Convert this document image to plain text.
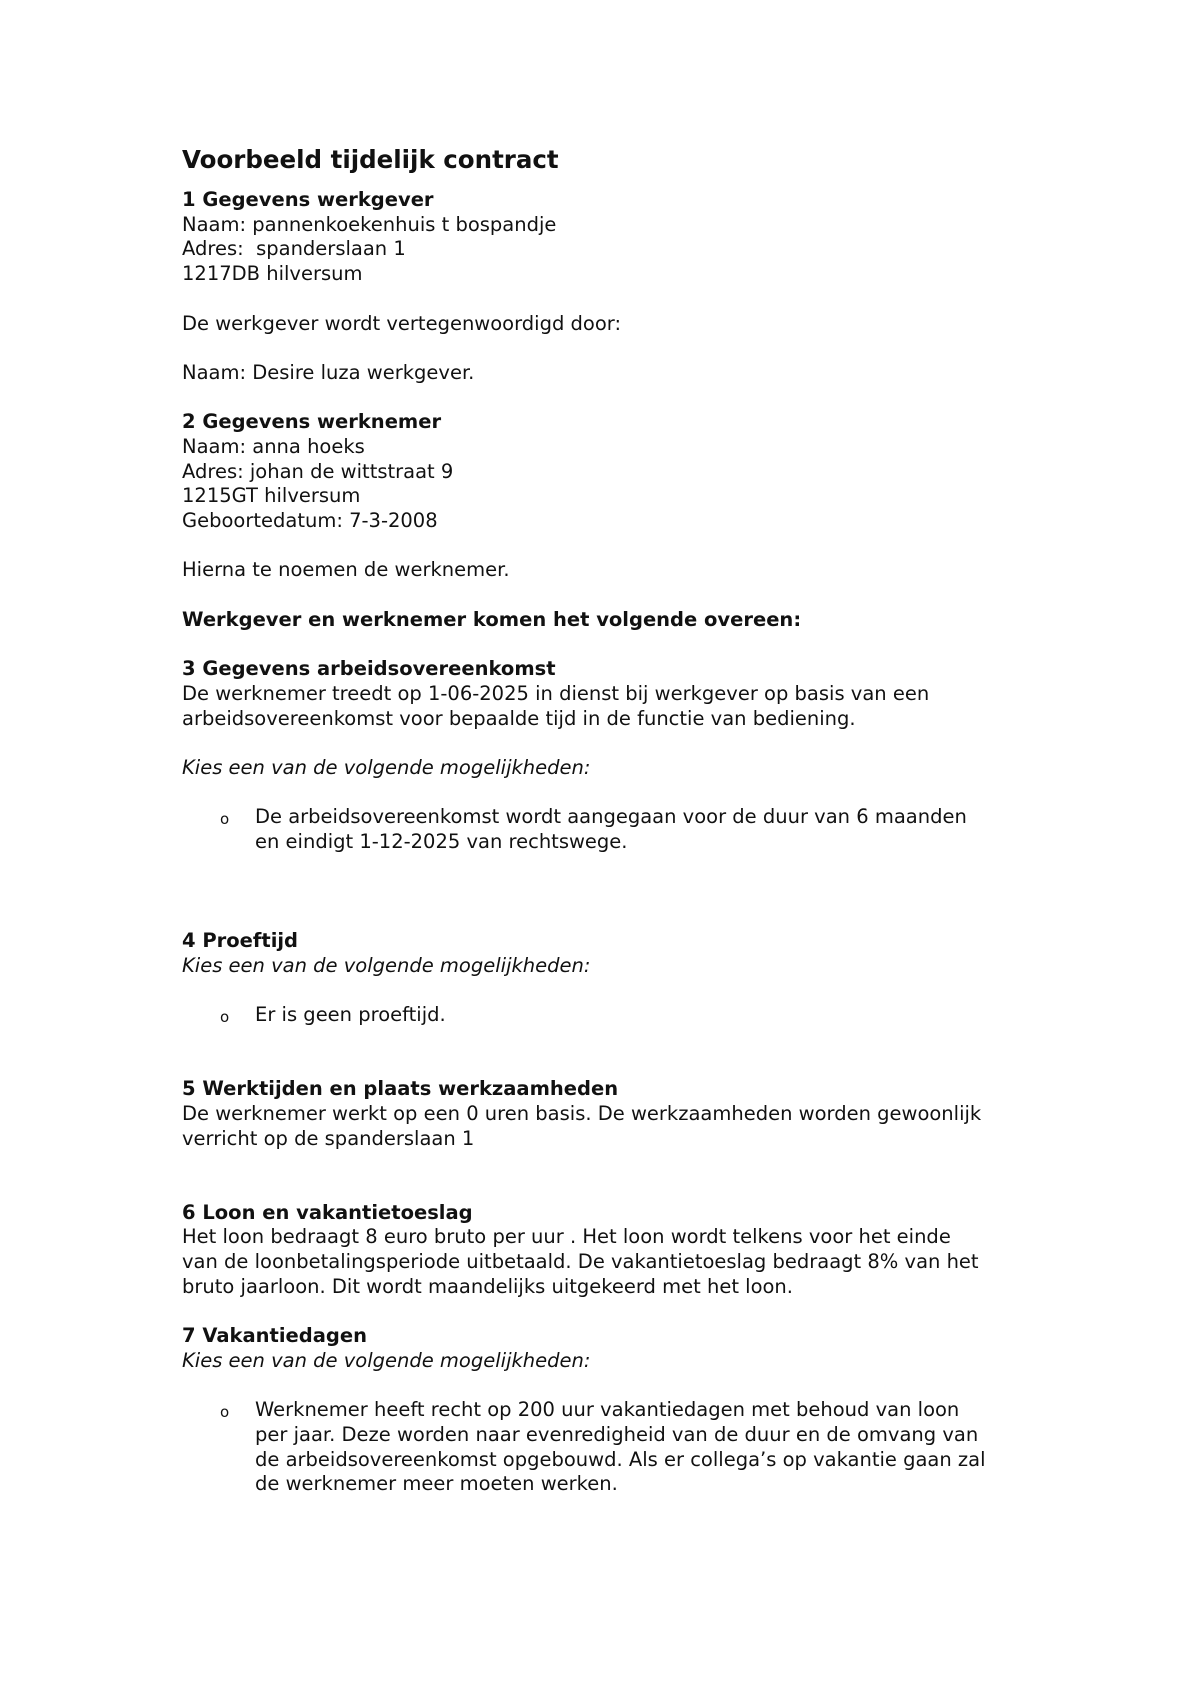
Voorbeeld tijdelijk contract

1 Gegevens werkgever

Naam: pannenkoekenhuis t bospandje

Adres:  spanderslaan 1

1217DB hilversum

De werkgever wordt vertegenwoordigd door:

Naam: Desire luza werkgever.

2 Gegevens werknemer

Naam: anna hoeks

Adres: johan de wittstraat 9

1215GT hilversum

Geboortedatum: 7-3-2008

Hierna te noemen de werknemer.

Werkgever en werknemer komen het volgende overeen:

3 Gegevens arbeidsovereenkomst

De werknemer treedt op 1-06-2025 in dienst bij werkgever op basis van een

arbeidsovereenkomst voor bepaalde tijd in de functie van bediening.

Kies een van de volgende mogelijkheden:

o De arbeidsovereenkomst wordt aangegaan voor de duur van 6 maanden

en eindigt 1-12-2025 van rechtswege.

4 Proeftijd

Kies een van de volgende mogelijkheden:

o Er is geen proeftijd.

5 Werktijden en plaats werkzaamheden

De werknemer werkt op een 0 uren basis. De werkzaamheden worden gewoonlijk

verricht op de spanderslaan 1

6 Loon en vakantietoeslag

Het loon bedraagt 8 euro bruto per uur . Het loon wordt telkens voor het einde

van de loonbetalingsperiode uitbetaald. De vakantietoeslag bedraagt 8% van het

bruto jaarloon. Dit wordt maandelijks uitgekeerd met het loon.

7 Vakantiedagen

Kies een van de volgende mogelijkheden:

o Werknemer heeft recht op 200 uur vakantiedagen met behoud van loon

per jaar. Deze worden naar evenredigheid van de duur en de omvang van

de arbeidsovereenkomst opgebouwd. Als er collega’s op vakantie gaan zal

de werknemer meer moeten werken.
